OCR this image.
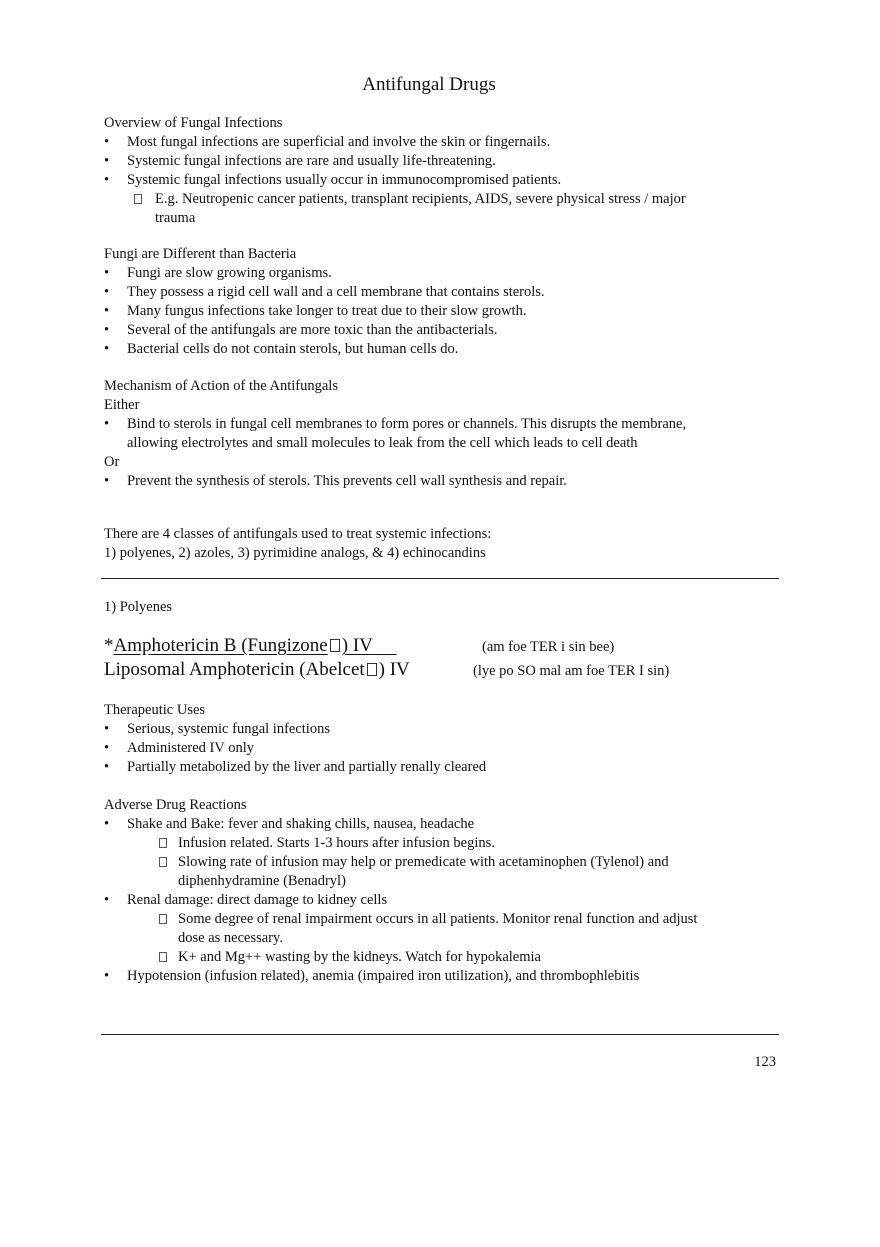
Antifungal Drugs
Overview of Fungal Infections
• Most fungal infections are superficial and involve the skin or fingernails.
• Systemic fungal infections are rare and usually life-threatening.
• Systemic fungal infections usually occur in immunocompromised patients.
E.g. Neutropenic cancer patients, transplant recipients, AIDS, severe physical stress / major trauma
Fungi are Different than Bacteria
• Fungi are slow growing organisms.
• They possess a rigid cell wall and a cell membrane that contains sterols.
• Many fungus infections take longer to treat due to their slow growth.
• Several of the antifungals are more toxic than the antibacterials.
• Bacterial cells do not contain sterols, but human cells do.
Mechanism of Action of the Antifungals
Either
• Bind to sterols in fungal cell membranes to form pores or channels. This disrupts the membrane, allowing electrolytes and small molecules to leak from the cell which leads to cell death
Or
• Prevent the synthesis of sterols. This prevents cell wall synthesis and repair.
There are 4 classes of antifungals used to treat systemic infections:
1) polyenes, 2) azoles, 3) pyrimidine analogs, & 4) echinocandins
1) Polyenes
*Amphotericin B (Fungizone ) IV	(am foe TER i sin bee)
Liposomal Amphotericin (Abelcet ) IV	(lye po SO mal am foe TER I sin)
Therapeutic Uses
• Serious, systemic fungal infections
• Administered IV only
• Partially metabolized by the liver and partially renally cleared
Adverse Drug Reactions
• Shake and Bake: fever and shaking chills, nausea, headache
Infusion related. Starts 1-3 hours after infusion begins.
Slowing rate of infusion may help or premedicate with acetaminophen (Tylenol) and diphenhydramine (Benadryl)
• Renal damage: direct damage to kidney cells
Some degree of renal impairment occurs in all patients. Monitor renal function and adjust dose as necessary.
K+ and Mg++ wasting by the kidneys. Watch for hypokalemia
• Hypotension (infusion related), anemia (impaired iron utilization), and thrombophlebitis
123
